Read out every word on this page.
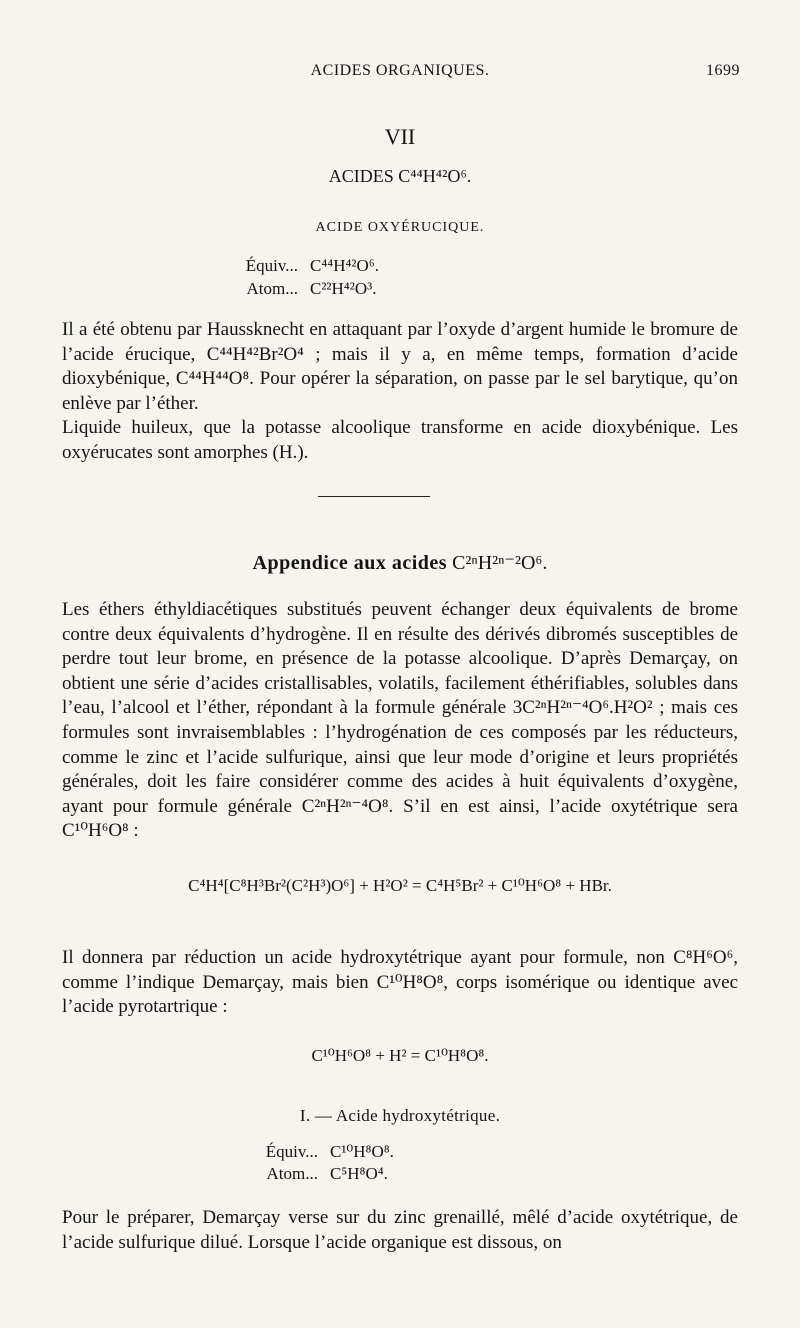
ACIDES ORGANIQUES.	1699
VII
ACIDES C⁴⁴H⁴²O⁶.
ACIDE OXYÉRUCIQUE.
Équiv... C⁴⁴H⁴²O⁶.
Atom... C²²H⁴²O³.

Il a été obtenu par Haussknecht en attaquant par l’oxyde d’argent humide le bromure de l’acide érucique, C⁴⁴H⁴²Br²O⁴ ; mais il y a, en même temps, formation d’acide dioxybénique, C⁴⁴H⁴⁴O⁸. Pour opérer la séparation, on passe par le sel barytique, qu’on enlève par l’éther.

Liquide huileux, que la potasse alcoolique transforme en acide dioxybénique. Les oxyérucates sont amorphes (H.).

Appendice aux acides C²ⁿH²ⁿ⁻²O⁶.

Les éthers éthyldiacétiques substitués peuvent échanger deux équivalents de brome contre deux équivalents d’hydrogène. Il en résulte des dérivés dibromés susceptibles de perdre tout leur brome, en présence de la potasse alcoolique. D’après Demarçay, on obtient une série d’acides cristallisables, volatils, facilement éthérifiables, solubles dans l’eau, l’alcool et l’éther, répondant à la formule générale 3C²ⁿH²ⁿ⁻⁴O⁶.H²O² ; mais ces formules sont invraisemblables : l’hydrogénation de ces composés par les réducteurs, comme le zinc et l’acide sulfurique, ainsi que leur mode d’origine et leurs propriétés générales, doit les faire considérer comme des acides à huit équivalents d’oxygène, ayant pour formule générale C²ⁿH²ⁿ⁻⁴O⁸. S’il en est ainsi, l’acide oxytétrique sera C¹⁰H⁶O⁸ :

C⁴H⁴[C⁸H³Br²(C²H³)O⁶] + H²O² = C⁴H⁵Br² + C¹⁰H⁶O⁸ + HBr.

Il donnera par réduction un acide hydroxytétrique ayant pour formule, non C⁸H⁶O⁶, comme l’indique Demarçay, mais bien C¹⁰H⁸O⁸, corps isomérique ou identique avec l’acide pyrotartrique :

C¹⁰H⁶O⁸ + H² = C¹⁰H⁸O⁸.
I. — Acide hydroxytétrique.
Équiv... C¹⁰H⁸O⁸.
Atom... C⁵H⁸O⁴.

Pour le préparer, Demarçay verse sur du zinc grenaillé, mêlé d’acide oxytétrique, de l’acide sulfurique dilué. Lorsque l’acide organique est dissous, on
